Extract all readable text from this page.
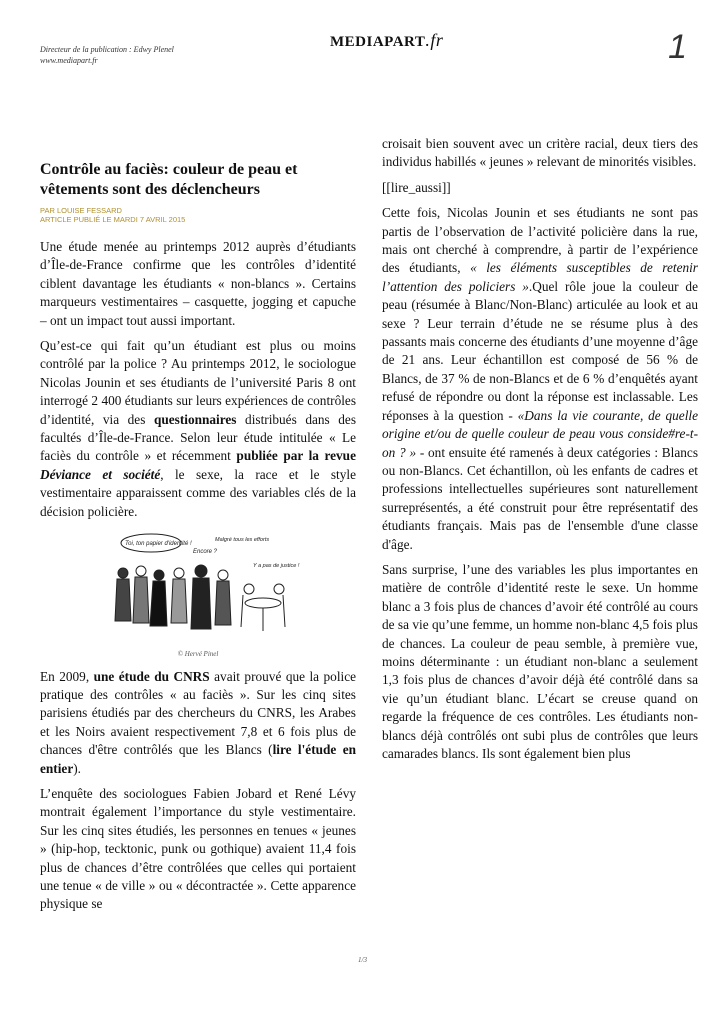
Directeur de la publication : Edwy Plenel
www.mediapart.fr
MEDIAPART.fr	1
Contrôle au faciès: couleur de peau et vêtements sont des déclencheurs
PAR LOUISE FESSARD
ARTICLE PUBLIÉ LE MARDI 7 AVRIL 2015

Une étude menée au printemps 2012 auprès d’étudiants d’Île-de-France confirme que les contrôles d’identité ciblent davantage les étudiants « non-blancs ». Certains marqueurs vestimentaires – casquette, jogging et capuche – ont un impact tout aussi important.

Qu’est-ce qui fait qu’un étudiant est plus ou moins contrôlé par la police ? Au printemps 2012, le sociologue Nicolas Jounin et ses étudiants de l’université Paris 8 ont interrogé 2 400 étudiants sur leurs expériences de contrôles d’identité, via des questionnaires distribués dans des facultés d’Île-de-France. Selon leur étude intitulée « Le faciès du contrôle » et récemment publiée par la revue Déviance et société, le sexe, la race et le style vestimentaire apparaissent comme des variables clés de la décision policière.

Toi, ton papier d'identité !
Encore ?
Malgré tous les efforts
Y a pas de justice !
© Hervé Pinel

En 2009, une étude du CNRS avait prouvé que la police pratique des contrôles « au faciès ». Sur les cinq sites parisiens étudiés par des chercheurs du CNRS, les Arabes et les Noirs avaient respectivement 7,8 et 6 fois plus de chances d'être contrôlés que les Blancs (lire l'étude en entier).

L’enquête des sociologues Fabien Jobard et René Lévy montrait également l’importance du style vestimentaire. Sur les cinq sites étudiés, les personnes en tenues « jeunes » (hip-hop, tecktonic, punk ou gothique) avaient 11,4 fois plus de chances d’être contrôlées que celles qui portaient une tenue « de ville » ou « décontractée ». Cette apparence physique se

croisait bien souvent avec un critère racial, deux tiers des individus habillés « jeunes » relevant de minorités visibles.

[[lire_aussi]]

Cette fois, Nicolas Jounin et ses étudiants ne sont pas partis de l’observation de l’activité policière dans la rue, mais ont cherché à comprendre, à partir de l’expérience des étudiants, « les éléments susceptibles de retenir l’attention des policiers ».Quel rôle joue la couleur de peau (résumée à Blanc/Non-Blanc) articulée au look et au sexe ? Leur terrain d’étude ne se résume plus à des passants mais concerne des étudiants d’une moyenne d’âge de 21 ans. Leur échantillon est composé de 56 % de Blancs, de 37 % de non-Blancs et de 6 % d’enquêtés ayant refusé de répondre ou dont la réponse est inclassable. Les réponses à la question - «Dans la vie courante, de quelle origine et/ou de quelle couleur de peau vous conside#re-t-on ? » - ont ensuite été ramenés à deux catégories : Blancs ou non-Blancs. Cet échantillon, où les enfants de cadres et professions intellectuelles supérieures sont naturellement surreprésentés, a été construit pour être représentatif des étudiants français. Mais pas de l'ensemble d'une classe d'âge.

Sans surprise, l’une des variables les plus importantes en matière de contrôle d’identité reste le sexe. Un homme blanc a 3 fois plus de chances d’avoir été contrôlé au cours de sa vie qu’une femme, un homme non-blanc 4,5 fois plus de chances. La couleur de peau semble, à première vue, moins déterminante : un étudiant non-blanc a seulement 1,3 fois plus de chances d’avoir déjà été contrôlé dans sa vie qu’un étudiant blanc. L’écart se creuse quand on regarde la fréquence de ces contrôles. Les étudiants non-blancs déjà contrôlés ont subi plus de contrôles que leurs camarades blancs. Ils sont également bien plus

1/3
